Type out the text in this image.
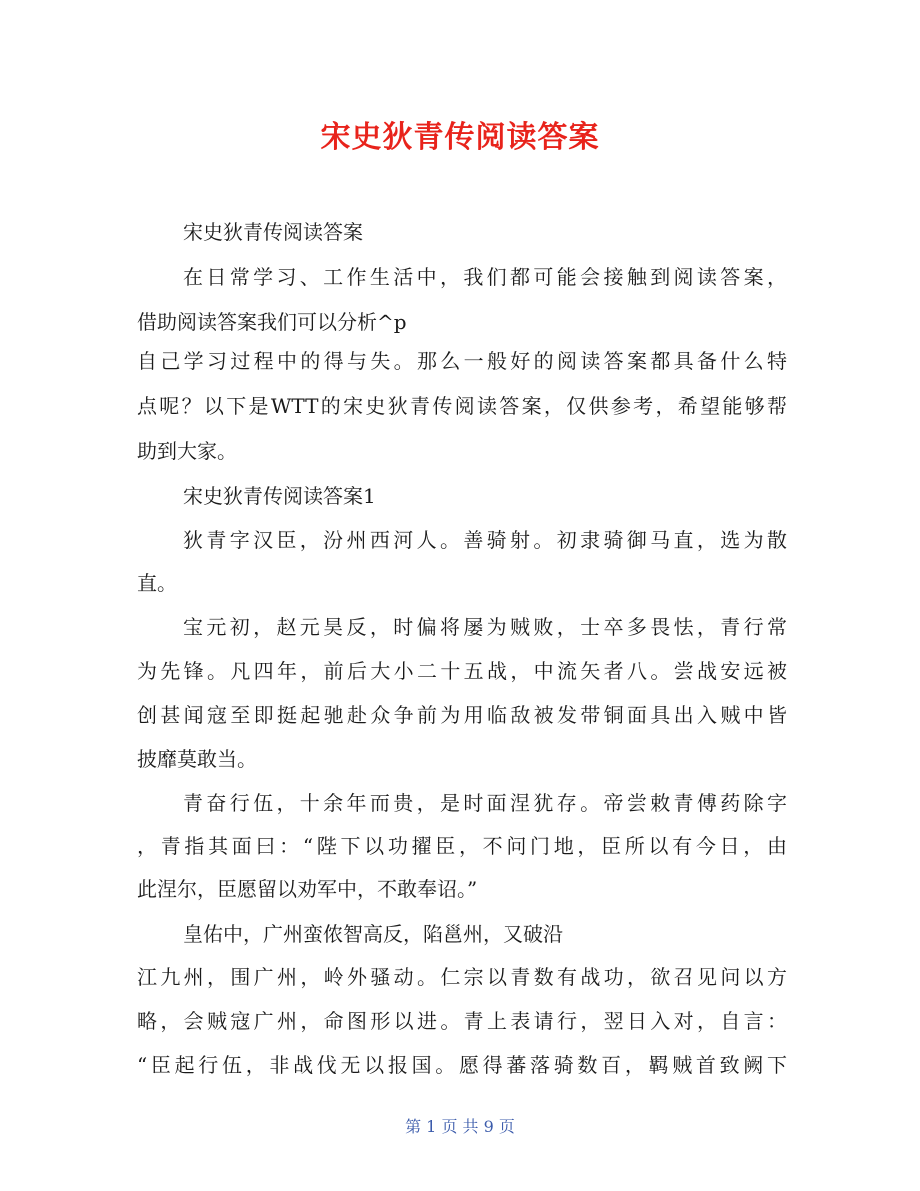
宋史狄青传阅读答案
宋史狄青传阅读答案
在日常学习、工作生活中，我们都可能会接触到阅读答案，
借助阅读答案我们可以分析^p
自己学习过程中的得与失。那么一般好的阅读答案都具备什么特
点呢？以下是WTT的宋史狄青传阅读答案，仅供参考，希望能够帮
助到大家。
宋史狄青传阅读答案1
狄青字汉臣，汾州西河人。善骑射。初隶骑御马直，选为散
直。
宝元初，赵元昊反，时偏将屡为贼败，士卒多畏怯，青行常
为先锋。凡四年，前后大小二十五战，中流矢者八。尝战安远被
创甚闻寇至即挺起驰赴众争前为用临敌被发带铜面具出入贼中皆
披靡莫敢当。
青奋行伍，十余年而贵，是时面涅犹存。帝尝敕青傅药除字
，青指其面曰：“陛下以功擢臣，不问门地，臣所以有今日，由
此涅尔，臣愿留以劝军中，不敢奉诏。”
皇佑中，广州蛮侬智高反，陷邕州，又破沿
江九州，围广州，岭外骚动。仁宗以青数有战功，欲召见问以方
略，会贼寇广州，命图形以进。青上表请行，翌日入对，自言：
“臣起行伍，非战伐无以报国。愿得蕃落骑数百，羁贼首致阙下
第 1 页 共 9 页
